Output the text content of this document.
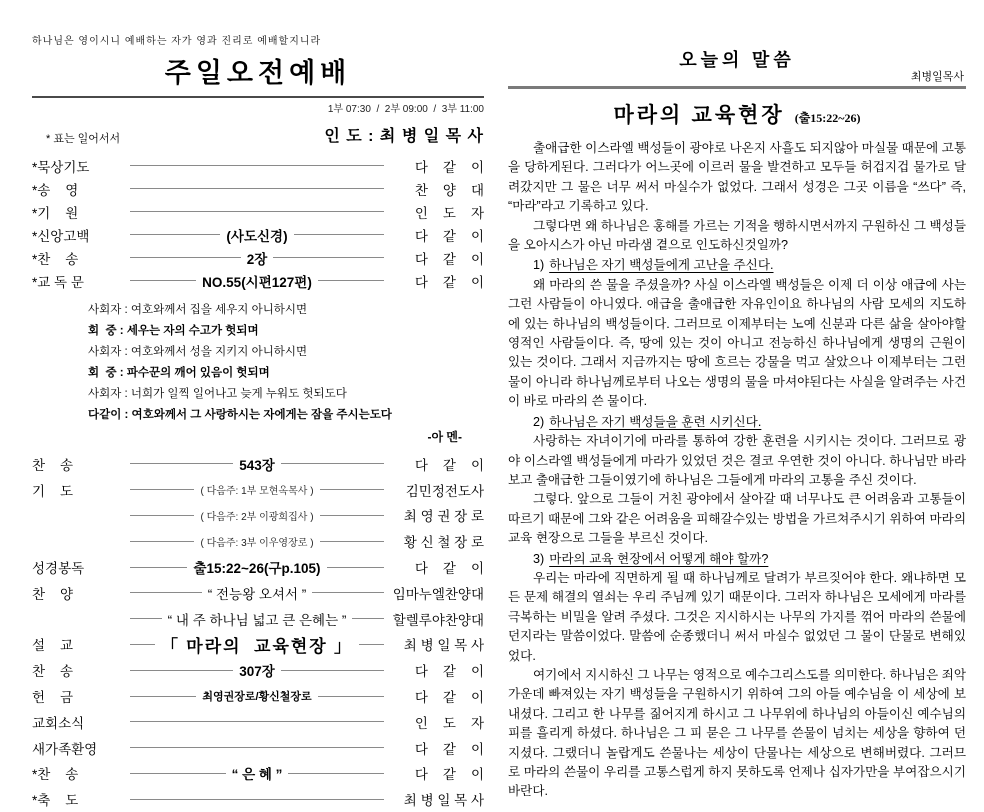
하나님은 영이시니 예배하는 자가 영과 진리로 예배할지니라
주일오전예배
1부 07:30  /  2부 09:00  /  3부 11:00
* 표는 일어서서	인 도 : 최 병 일 목 사
*묵상기도	다    같    이
*송    영	찬    양    대
*기    원	인    도    자
*신앙고백	(사도신경)	다    같    이
*찬    송	2장	다    같    이
*교 독 문	NO.55(시편127편)	다    같    이
사회자 : 여호와께서 집을 세우지 아니하시면
회  중 : 세우는 자의 수고가 헛되며
사회자 : 여호와께서 성을 지키지 아니하시면
회  중 : 파수꾼의 깨어 있음이 헛되며
사회자 : 너희가 일찍 일어나고 늦게 누워도 헛되도다
다같이 : 여호와께서 그 사랑하시는 자에게는 잠을 주시는도다
-아 멘-
찬    송	543장	다    같    이
기    도	( 다음주: 1부 모현옥목사 )	김민정전도사
( 다음주: 2부 이광희집사 )	최 영 권 장 로
( 다음주: 3부 이우영장로 )	황 신 철 장 로
성경봉독	출15:22~26(구p.105)	다    같    이
찬    양	“ 전능왕 오셔서 ”	임마누엘찬양대
“ 내 주 하나님 넓고 큰 은혜는 ”	할렐루야찬양대
설    교	「 마라의  교육현장 」	최 병 일 목 사
찬    송	307장	다    같    이
헌    금	최영권장로/황신철장로	다    같    이
교회소식	인    도    자
새가족환영	다    같    이
*찬    송	“ 은 혜 ”	다    같    이
*축    도	최 병 일 목 사
오늘의 말씀
최병일목사
마라의 교육현장 (출15:22~26)

출애급한 이스라엘 백성들이 광야로 나온지 사흘도 되지않아 마실물 때문에 고통을 당하게된다. 그러다가 어느곳에 이르러 물을 발견하고 모두들 허겁지겁 물가로 달려갔지만 그 물은 너무 써서 마실수가 없었다. 그래서 성경은 그곳 이름을 “쓰다” 즉, “마라”라고 기록하고 있다.

그렇다면 왜 하나님은 홍해를 가르는 기적을 행하시면서까지 구원하신 그 백성들을 오아시스가 아닌 마라샘 곁으로 인도하신것일까?

1) 하나님은 자기 백성들에게 고난을 주신다.

왜 마라의 쓴 물을 주셨을까? 사실 이스라엘 백성들은 이제 더 이상 애급에 사는 그런 사람들이 아니였다. 애급을 출애급한 자유인이요 하나님의 사람 모세의 지도하에 있는 하나님의 백성들이다. 그러므로 이제부터는 노예 신분과 다른 삶을 살아야할 영적인 사람들이다. 즉, 땅에 있는 것이 아니고 전능하신 하나님에게 생명의 근원이 있는 것이다. 그래서 지금까지는 땅에 흐르는 강물을 먹고 살았으나 이제부터는 그런물이 아니라 하나님께로부터 나오는 생명의 물을 마셔야된다는 사실을 알려주는 사건이 바로 마라의 쓴 물이다.

2) 하나님은 자기 백성들을 훈련 시키신다.

사랑하는 자녀이기에 마라를 통하여 강한 훈련을 시키시는 것이다. 그러므로 광야 이스라엘 백성들에게 마라가 있었던 것은 결코 우연한 것이 아니다. 하나님만 바라보고 출애급한 그들이였기에 하나님은 그들에게 마라의 고통을 주신 것이다.

그렇다. 앞으로 그들이 거친 광야에서 살아갈 때 너무나도 큰 어려움과 고통들이 따르기 때문에 그와 같은 어려움을 피해갈수있는 방법을 가르쳐주시기 위하여 마라의 교육 현장으로 그들을 부르신 것이다.

3) 마라의 교육 현장에서 어떻게 해야 할까?

우리는 마라에 직면하게 될 때 하나님께로 달려가 부르짖어야 한다. 왜냐하면 모든 문제 해결의 열쇠는 우리 주님께 있기 때문이다. 그러자 하나님은 모세에게 마라를 극복하는 비밀을 알려 주셨다. 그것은 지시하시는 나무의 가지를 꺾어 마라의 쓴물에 던지라는 말씀이었다. 말씀에 순종했더니 써서 마실수 없었던 그 물이 단물로 변해있었다.

여기에서 지시하신 그 나무는 영적으로 예수그리스도를 의미한다. 하나님은 죄악 가운데 빠져있는 자기 백성들을 구원하시기 위하여 그의 아들 예수님을 이 세상에 보내셨다. 그리고 한 나무를 짊어지게 하시고 그 나무위에 하나님의 아들이신 예수님의 피를 흘리게 하셨다. 하나님은 그 피 묻은 그 나무를 쓴물이 넘치는 세상을 향하여 던지셨다. 그랬더니 놀랍게도 쓴물나는 세상이 단물나는 세상으로 변해버렸다. 그러므로 마라의 쓴물이 우리를 고통스럽게 하지 못하도록 언제나 십자가만을 부여잡으시기 바란다.
